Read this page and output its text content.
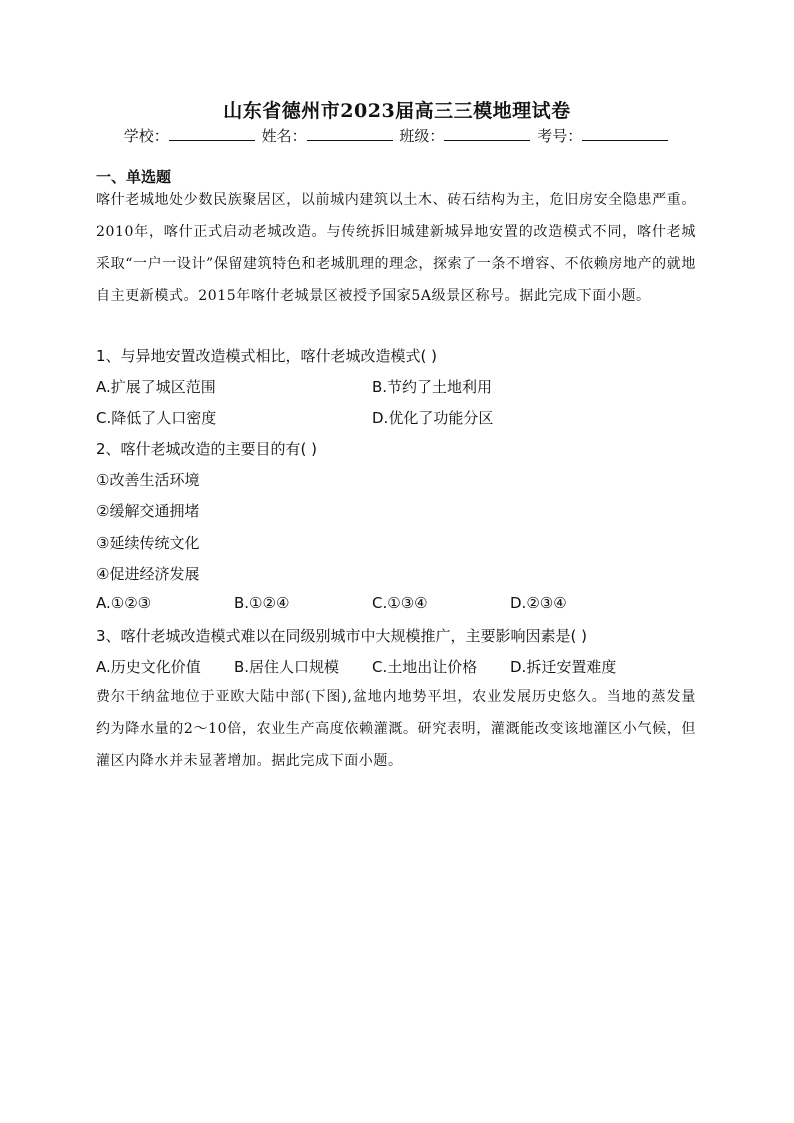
山东省德州市2023届高三三模地理试卷
学校：	姓名：	班级：	考号：
一、单选题
喀什老城地处少数民族聚居区，以前城内建筑以土木、砖石结构为主，危旧房安全隐患严重。2010年，喀什正式启动老城改造。与传统拆旧城建新城异地安置的改造模式不同，喀什老城采取“一户一设计”保留建筑特色和老城肌理的理念，探索了一条不增容、不依赖房地产的就地自主更新模式。2015年喀什老城景区被授予国家5A级景区称号。据此完成下面小题。
1、与异地安置改造模式相比，喀什老城改造模式( )
A.扩展了城区范围	B.节约了土地利用
C.降低了人口密度	D.优化了功能分区
2、喀什老城改造的主要目的有( )
①改善生活环境
②缓解交通拥堵
③延续传统文化
④促进经济发展
A.①②③	B.①②④	C.①③④	D.②③④
3、喀什老城改造模式难以在同级别城市中大规模推广，主要影响因素是( )
A.历史文化价值 B.居住人口规模 C.土地出让价格 D.拆迁安置难度
费尔干纳盆地位于亚欧大陆中部(下图),盆地内地势平坦，农业发展历史悠久。当地的蒸发量约为降水量的2～10倍，农业生产高度依赖灌溉。研究表明，灌溉能改变该地灌区小气候，但灌区内降水并未显著增加。据此完成下面小题。
